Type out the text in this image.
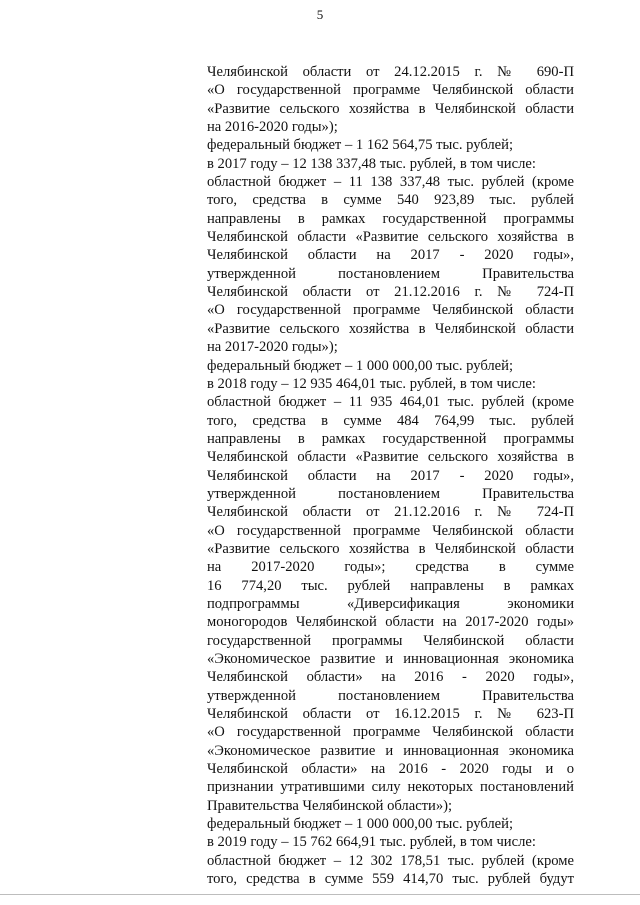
5
Челябинской области от 24.12.2015 г. № 690-П
«О государственной программе Челябинской области
«Развитие сельского хозяйства в Челябинской области
на 2016-2020 годы»);
федеральный бюджет – 1 162 564,75 тыс. рублей;
в 2017 году – 12 138 337,48 тыс. рублей, в том числе:
областной бюджет – 11 138 337,48 тыс. рублей (кроме
того, средства в сумме 540 923,89 тыс. рублей
направлены в рамках государственной программы
Челябинской области «Развитие сельского хозяйства в
Челябинской области на 2017 - 2020 годы»,
утвержденной постановлением Правительства
Челябинской области от 21.12.2016 г. № 724-П
«О государственной программе Челябинской области
«Развитие сельского хозяйства в Челябинской области
на 2017-2020 годы»);
федеральный бюджет – 1 000 000,00 тыс. рублей;
в 2018 году – 12 935 464,01 тыс. рублей, в том числе:
областной бюджет – 11 935 464,01 тыс. рублей (кроме
того, средства в сумме 484 764,99 тыс. рублей
направлены в рамках государственной программы
Челябинской области «Развитие сельского хозяйства в
Челябинской области на 2017 - 2020 годы»,
утвержденной постановлением Правительства
Челябинской области от 21.12.2016 г. № 724-П
«О государственной программе Челябинской области
«Развитие сельского хозяйства в Челябинской области
на 2017-2020 годы»; средства в сумме
16 774,20 тыс. рублей направлены в рамках
подпрограммы «Диверсификация экономики
моногородов Челябинской области на 2017-2020 годы»
государственной программы Челябинской области
«Экономическое развитие и инновационная экономика
Челябинской области» на 2016 - 2020 годы»,
утвержденной постановлением Правительства
Челябинской области от 16.12.2015 г. № 623-П
«О государственной программе Челябинской области
«Экономическое развитие и инновационная экономика
Челябинской области» на 2016 - 2020 годы и о
признании утратившими силу некоторых постановлений
Правительства Челябинской области»);
федеральный бюджет – 1 000 000,00 тыс. рублей;
в 2019 году – 15 762 664,91 тыс. рублей, в том числе:
областной бюджет – 12 302 178,51 тыс. рублей (кроме
того, средства в сумме 559 414,70 тыс. рублей будут
